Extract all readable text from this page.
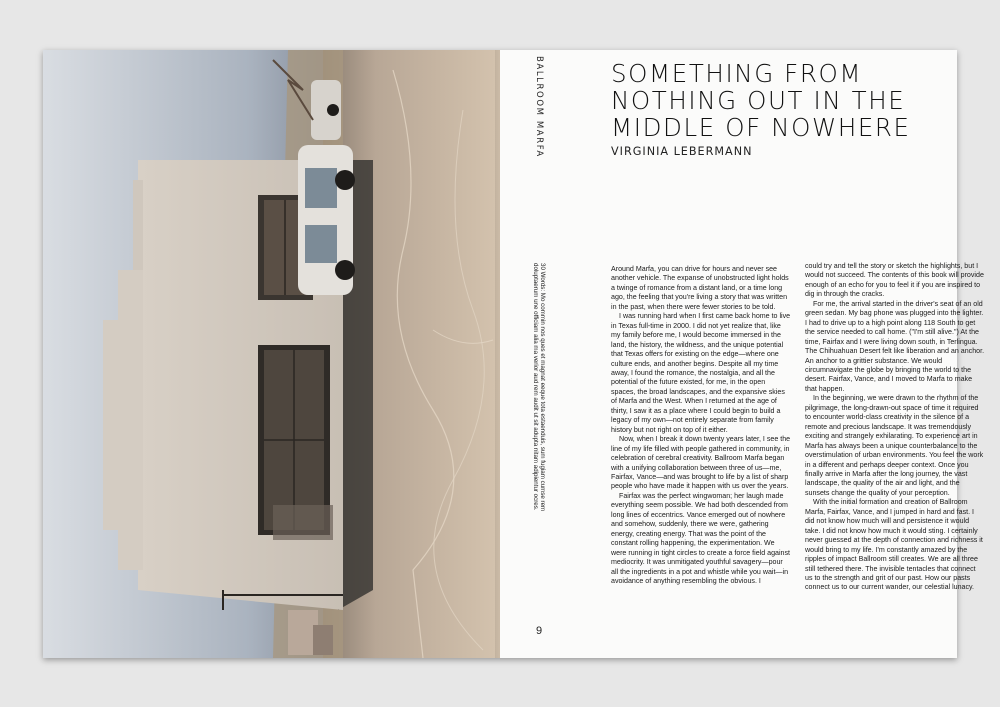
BALLROOM MARFA	SOMETHING FROM NOTHING OUT IN THE MIDDLE OF NOWHERE
VIRGINIA LEBERMANN
30 Words: Mo commin nos ques et magnat eeque tota estaenduis, sum fugiam cumse rem doluptaerum une officiam alia ma verior aud rem audit ut sit adupta nitam adipientur ocres.	Around Marfa, you can drive for hours and never see another vehicle. The expanse of unobstructed light holds a twinge of romance from a distant land, or a time long ago, the feeling that you're living a story that was written in the past, when there were fewer stories to be told.

I was running hard when I first came back home to live in Texas full-time in 2000. I did not yet realize that, like my family before me, I would become immersed in the land, the history, the wildness, and the unique potential that Texas offers for existing on the edge—where one culture ends, and another begins. Despite all my time away, I found the romance, the nostalgia, and all the potential of the future existed, for me, in the open spaces, the broad landscapes, and the expansive skies of Marfa and the West. When I returned at the age of thirty, I saw it as a place where I could begin to build a legacy of my own—not entirely separate from family history but not right on top of it either.

Now, when I break it down twenty years later, I see the line of my life filled with people gathered in community, in celebration of cerebral creativity. Ballroom Marfa began with a unifying collaboration between three of us—me, Fairfax, Vance—and was brought to life by a list of sharp people who have made it happen with us over the years.

Fairfax was the perfect wingwoman; her laugh made everything seem possible. We had both descended from long lines of eccentrics. Vance emerged out of nowhere and somehow, suddenly, there we were, gathering energy, creating energy. That was the point of the constant rolling happening, the experimentation. We were running in tight circles to create a force field against mediocrity. It was unmitigated youthful savagery—pour all the ingredients in a pot and whistle while you wait—in avoidance of anything resembling the obvious. I

could try and tell the story or sketch the highlights, but I would not succeed. The contents of this book will provide enough of an echo for you to feel it if you are inspired to dig in through the cracks.

For me, the arrival started in the driver's seat of an old green sedan. My bag phone was plugged into the lighter. I had to drive up to a high point along 118 South to get the service needed to call home. ("I'm still alive.") At the time, Fairfax and I were living down south, in Terlingua. The Chihuahuan Desert felt like liberation and an anchor. An anchor to a grittier substance. We would circumnavigate the globe by bringing the world to the desert. Fairfax, Vance, and I moved to Marfa to make that happen.

In the beginning, we were drawn to the rhythm of the pilgrimage, the long-drawn-out space of time it required to encounter world-class creativity in the silence of a remote and precious landscape. It was tremendously exciting and strangely exhilarating. To experience art in Marfa has always been a unique counterbalance to the overstimulation of urban environments. You feel the work in a different and perhaps deeper context. Once you finally arrive in Marfa after the long journey, the vast landscape, the quality of the air and light, and the sunsets change the quality of your perception.

With the initial formation and creation of Ballroom Marfa, Fairfax, Vance, and I jumped in hard and fast. I did not know how much will and persistence it would take. I did not know how much it would sting. I certainly never guessed at the depth of connection and richness it would bring to my life. I'm constantly amazed by the ripples of impact Ballroom still creates. We are all three still tethered there. The invisible tentacles that connect us to the strength and grit of our past. How our pasts connect us to our current wander, our celestial lunacy.

9
